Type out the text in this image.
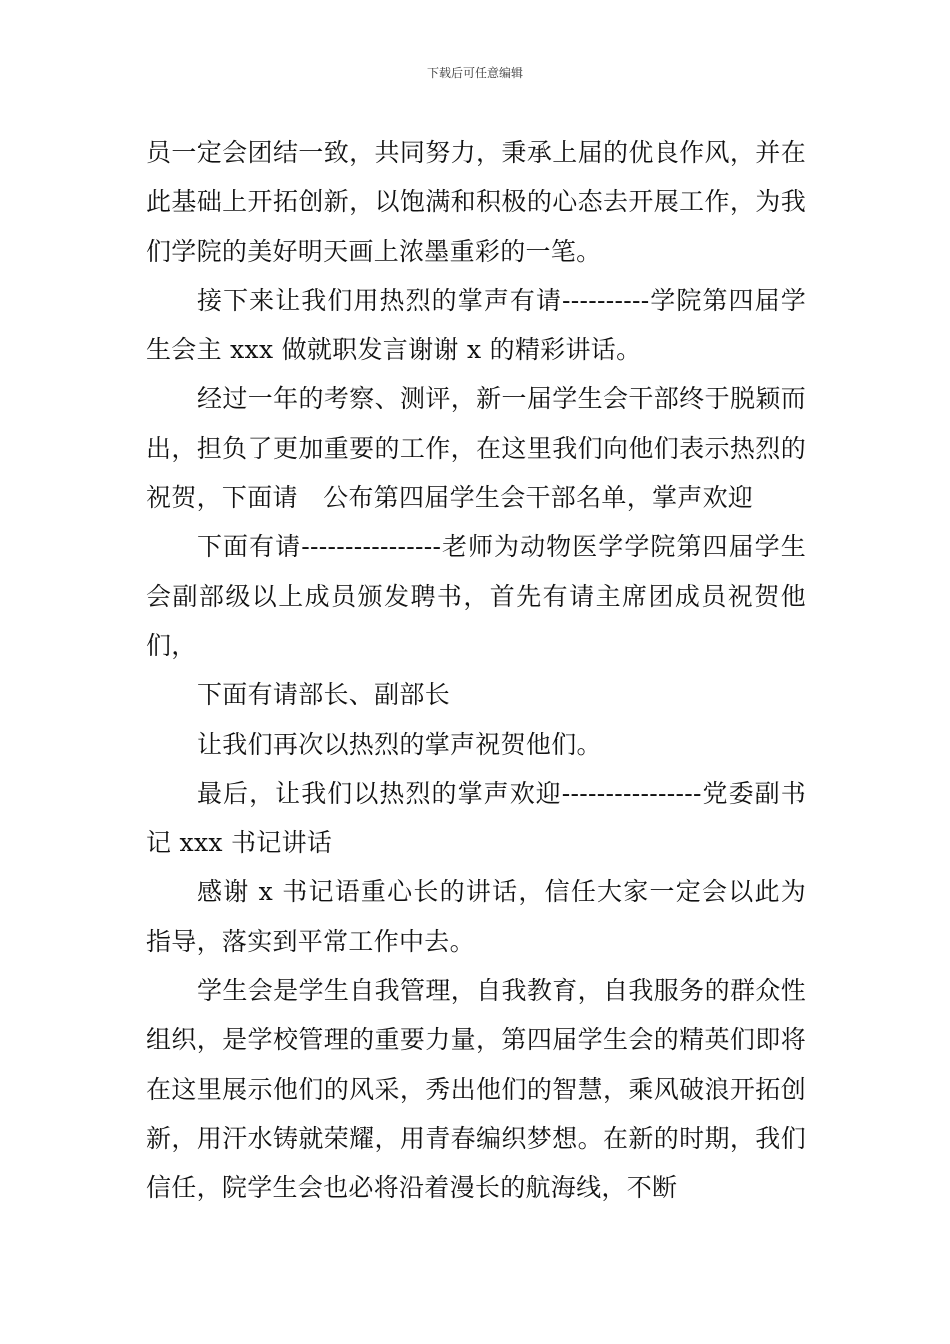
下载后可任意编辑

员一定会团结一致，共同努力，秉承上届的优良作风，并在此基础上开拓创新，以饱满和积极的心态去开展工作，为我们学院的美好明天画上浓墨重彩的一笔。

接下来让我们用热烈的掌声有请----------学院第四届学生会主 xxx 做就职发言谢谢 x 的精彩讲话。

经过一年的考察、测评，新一届学生会干部终于脱颖而出，担负了更加重要的工作，在这里我们向他们表示热烈的祝贺，下面请　公布第四届学生会干部名单，掌声欢迎

下面有请----------------老师为动物医学学院第四届学生会副部级以上成员颁发聘书，首先有请主席团成员祝贺他们，

下面有请部长、副部长

让我们再次以热烈的掌声祝贺他们。

最后，让我们以热烈的掌声欢迎----------------党委副书记 xxx 书记讲话

感谢 x 书记语重心长的讲话，信任大家一定会以此为指导，落实到平常工作中去。

学生会是学生自我管理，自我教育，自我服务的群众性组织，是学校管理的重要力量，第四届学生会的精英们即将在这里展示他们的风采，秀出他们的智慧，乘风破浪开拓创新，用汗水铸就荣耀，用青春编织梦想。在新的时期，我们信任，院学生会也必将沿着漫长的航海线，不断
